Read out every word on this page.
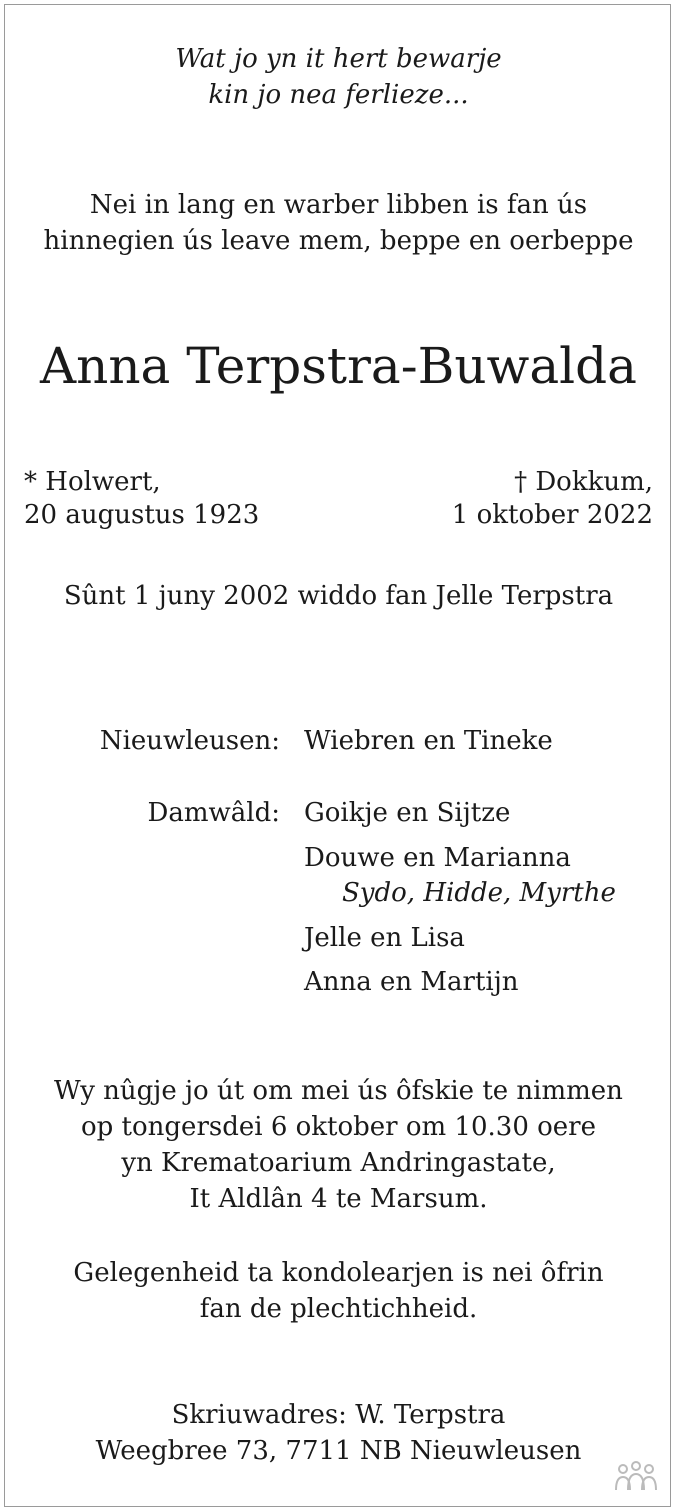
Wat jo yn it hert bewarje
kin jo nea ferlieze...
Nei in lang en warber libben is fan ús
hinnegien ús leave mem, beppe en oerbeppe
Anna Terpstra-Buwalda
* Holwert,
20 augustus 1923
† Dokkum,
1 oktober 2022
Sûnt 1 juny 2002 widdo fan Jelle Terpstra
Nieuwleusen: Wiebren en Tineke
Damwâld: Goikje en Sijtze
Douwe en Marianna
Sydo, Hidde, Myrthe
Jelle en Lisa
Anna en Martijn
Wy nûgje jo út om mei ús ôfskie te nimmen
op tongersdei 6 oktober om 10.30 oere
yn Krematoarium Andringastate,
It Aldlân 4 te Marsum.
Gelegenheid ta kondolearjen is nei ôfrin
fan de plechtichheid.
Skriuwadres: W. Terpstra
Weegbree 73, 7711 NB Nieuwleusen
